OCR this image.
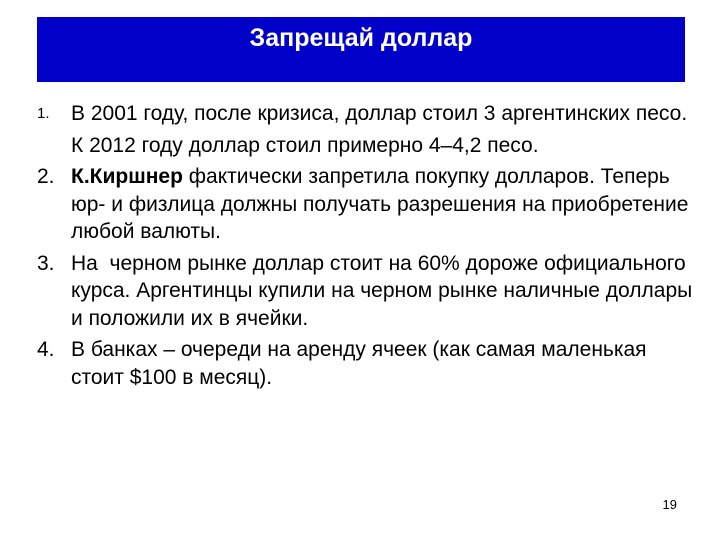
Запрещай доллар
1.	В 2001 году, после кризиса, доллар стоил 3 аргентинских песо.
К 2012 году доллар стоил примерно 4–4,2 песо.
2. К.Киршнер фактически запретила покупку долларов. Теперь юр- и физлица должны получать разрешения на приобретение любой валюты.
3. На  черном рынке доллар стоит на 60% дороже официального курса. Аргентинцы купили на черном рынке наличные доллары и положили их в ячейки.
4. В банках – очереди на аренду ячеек (как самая маленькая стоит $100 в месяц).
19
